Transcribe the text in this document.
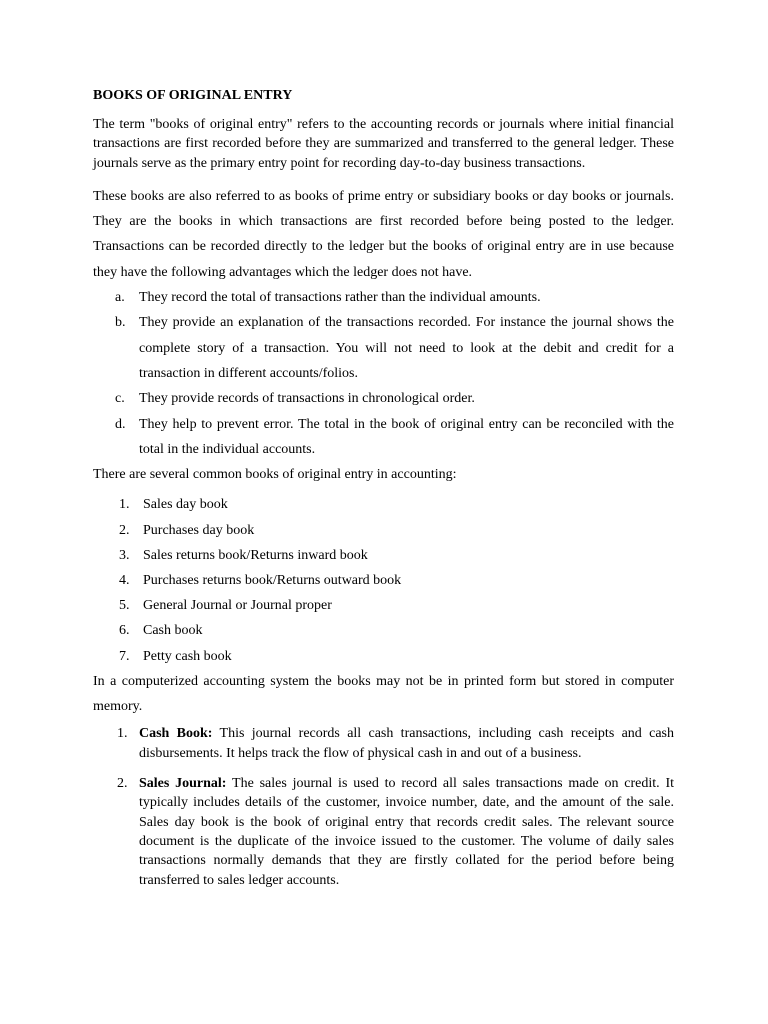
BOOKS OF ORIGINAL ENTRY

The term "books of original entry" refers to the accounting records or journals where initial financial transactions are first recorded before they are summarized and transferred to the general ledger. These journals serve as the primary entry point for recording day-to-day business transactions.

These books are also referred to as books of prime entry or subsidiary books or day books or journals. They are the books in which transactions are first recorded before being posted to the ledger. Transactions can be recorded directly to the ledger but the books of original entry are in use because they have the following advantages which the ledger does not have.

a. They record the total of transactions rather than the individual amounts.
b. They provide an explanation of the transactions recorded. For instance the journal shows the complete story of a transaction. You will not need to look at the debit and credit for a transaction in different accounts/folios.
c. They provide records of transactions in chronological order.
d. They help to prevent error. The total in the book of original entry can be reconciled with the total in the individual accounts.

There are several common books of original entry in accounting:

1. Sales day book
2. Purchases day book
3. Sales returns book/Returns inward book
4. Purchases returns book/Returns outward book
5. General Journal or Journal proper
6. Cash book
7. Petty cash book

In a computerized accounting system the books may not be in printed form but stored in computer memory.

1. Cash Book: This journal records all cash transactions, including cash receipts and cash disbursements. It helps track the flow of physical cash in and out of a business.
2. Sales Journal: The sales journal is used to record all sales transactions made on credit. It typically includes details of the customer, invoice number, date, and the amount of the sale. Sales day book is the book of original entry that records credit sales. The relevant source document is the duplicate of the invoice issued to the customer. The volume of daily sales transactions normally demands that they are firstly collated for the period before being transferred to sales ledger accounts.
